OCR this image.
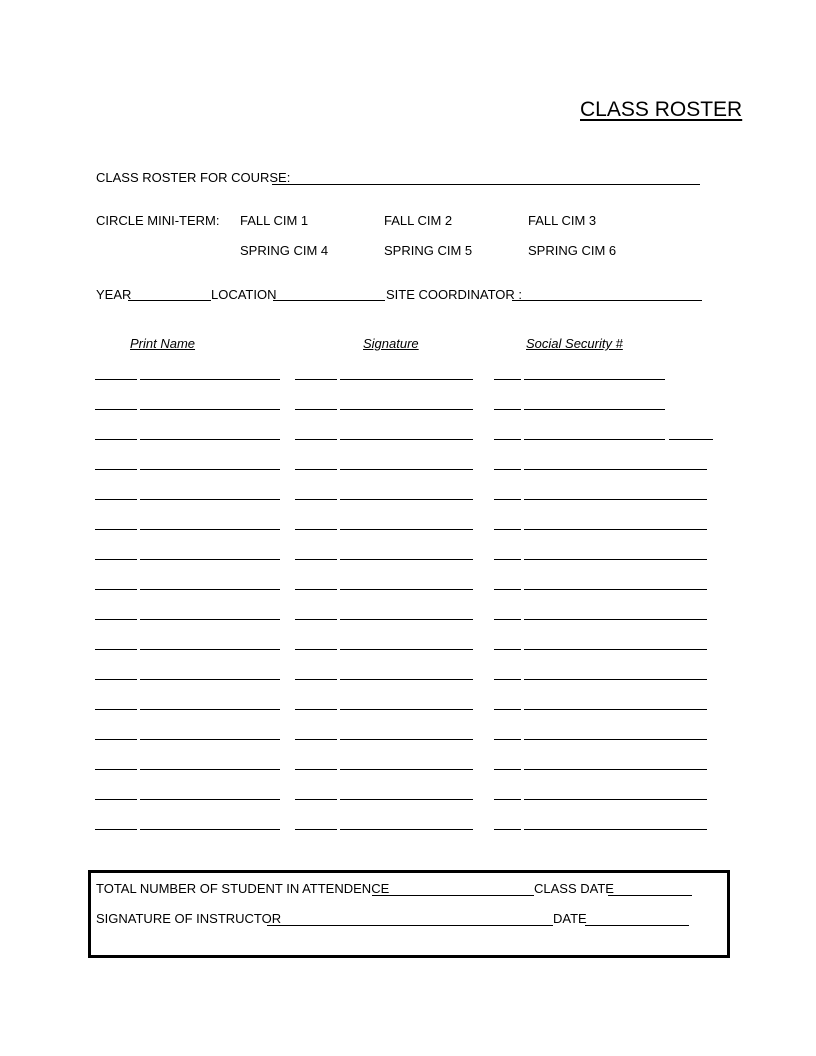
CLASS ROSTER
CLASS ROSTER FOR COURSE:
CIRCLE MINI-TERM: FALL CIM 1	FALL CIM 2	FALL CIM 3
SPRING CIM 4	SPRING CIM 5	SPRING CIM 6
YEAR	LOCATION	SITE COORDINATOR :
Print Name	Signature	Social Security #
TOTAL NUMBER OF STUDENT IN ATTENDENCE	CLASS DATE
SIGNATURE OF INSTRUCTOR	DATE
